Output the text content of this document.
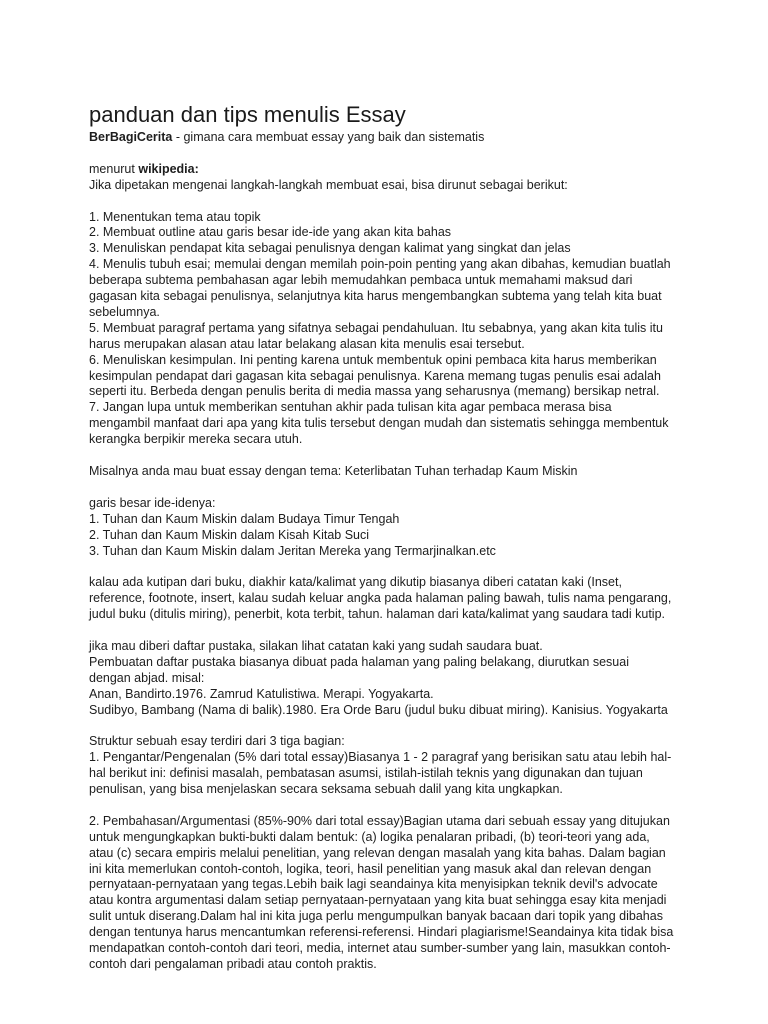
panduan dan tips menulis Essay

BerBagiCerita - gimana cara membuat essay yang baik dan sistematis

menurut wikipedia:

Jika dipetakan mengenai langkah-langkah membuat esai, bisa dirunut sebagai berikut:

1. Menentukan tema atau topik

2. Membuat outline atau garis besar ide-ide yang akan kita bahas

3. Menuliskan pendapat kita sebagai penulisnya dengan kalimat yang singkat dan jelas

4. Menulis tubuh esai; memulai dengan memilah poin-poin penting yang akan dibahas, kemudian buatlah

beberapa subtema pembahasan agar lebih memudahkan pembaca untuk memahami maksud dari

gagasan kita sebagai penulisnya, selanjutnya kita harus mengembangkan subtema yang telah kita buat

sebelumnya.

5. Membuat paragraf pertama yang sifatnya sebagai pendahuluan. Itu sebabnya, yang akan kita tulis itu

harus merupakan alasan atau latar belakang alasan kita menulis esai tersebut.

6. Menuliskan kesimpulan. Ini penting karena untuk membentuk opini pembaca kita harus memberikan

kesimpulan pendapat dari gagasan kita sebagai penulisnya. Karena memang tugas penulis esai adalah

seperti itu. Berbeda dengan penulis berita di media massa yang seharusnya (memang) bersikap netral.

7. Jangan lupa untuk memberikan sentuhan akhir pada tulisan kita agar pembaca merasa bisa

mengambil manfaat dari apa yang kita tulis tersebut dengan mudah dan sistematis sehingga membentuk

kerangka berpikir mereka secara utuh.

Misalnya anda mau buat essay dengan tema: Keterlibatan Tuhan terhadap Kaum Miskin

garis besar ide-idenya:

1. Tuhan dan Kaum Miskin dalam Budaya Timur Tengah

2. Tuhan dan Kaum Miskin dalam Kisah Kitab Suci

3. Tuhan dan Kaum Miskin dalam Jeritan Mereka yang Termarjinalkan.etc

kalau ada kutipan dari buku, diakhir kata/kalimat yang dikutip biasanya diberi catatan kaki (Inset,

reference, footnote, insert, kalau sudah keluar angka pada halaman paling bawah, tulis nama pengarang,

judul buku (ditulis miring), penerbit, kota terbit, tahun. halaman dari kata/kalimat yang saudara tadi kutip.

jika mau diberi daftar pustaka, silakan lihat catatan kaki yang sudah saudara buat.

Pembuatan daftar pustaka biasanya dibuat pada halaman yang paling belakang, diurutkan sesuai

dengan abjad. misal:

Anan, Bandirto.1976. Zamrud Katulistiwa. Merapi. Yogyakarta.

Sudibyo, Bambang (Nama di balik).1980. Era Orde Baru (judul buku dibuat miring). Kanisius. Yogyakarta

Struktur sebuah esay terdiri dari 3 tiga bagian:

1. Pengantar/Pengenalan (5% dari total essay)Biasanya 1 - 2 paragraf yang berisikan satu atau lebih hal-

hal berikut ini: definisi masalah, pembatasan asumsi, istilah-istilah teknis yang digunakan dan tujuan

penulisan, yang bisa menjelaskan secara seksama sebuah dalil yang kita ungkapkan.

2. Pembahasan/Argumentasi (85%-90% dari total essay)Bagian utama dari sebuah essay yang ditujukan

untuk mengungkapkan bukti-bukti dalam bentuk: (a) logika penalaran pribadi, (b) teori-teori yang ada,

atau (c) secara empiris melalui penelitian, yang relevan dengan masalah yang kita bahas. Dalam bagian

ini kita memerlukan contoh-contoh, logika, teori, hasil penelitian yang masuk akal dan relevan dengan

pernyataan-pernyataan yang tegas.Lebih baik lagi seandainya kita menyisipkan teknik devil's advocate

atau kontra argumentasi dalam setiap pernyataan-pernyataan yang kita buat sehingga esay kita menjadi

sulit untuk diserang.Dalam hal ini kita juga perlu mengumpulkan banyak bacaan dari topik yang dibahas

dengan tentunya harus mencantumkan referensi-referensi. Hindari plagiarisme!Seandainya kita tidak bisa

mendapatkan contoh-contoh dari teori, media, internet atau sumber-sumber yang lain, masukkan contoh-

contoh dari pengalaman pribadi atau contoh praktis.
